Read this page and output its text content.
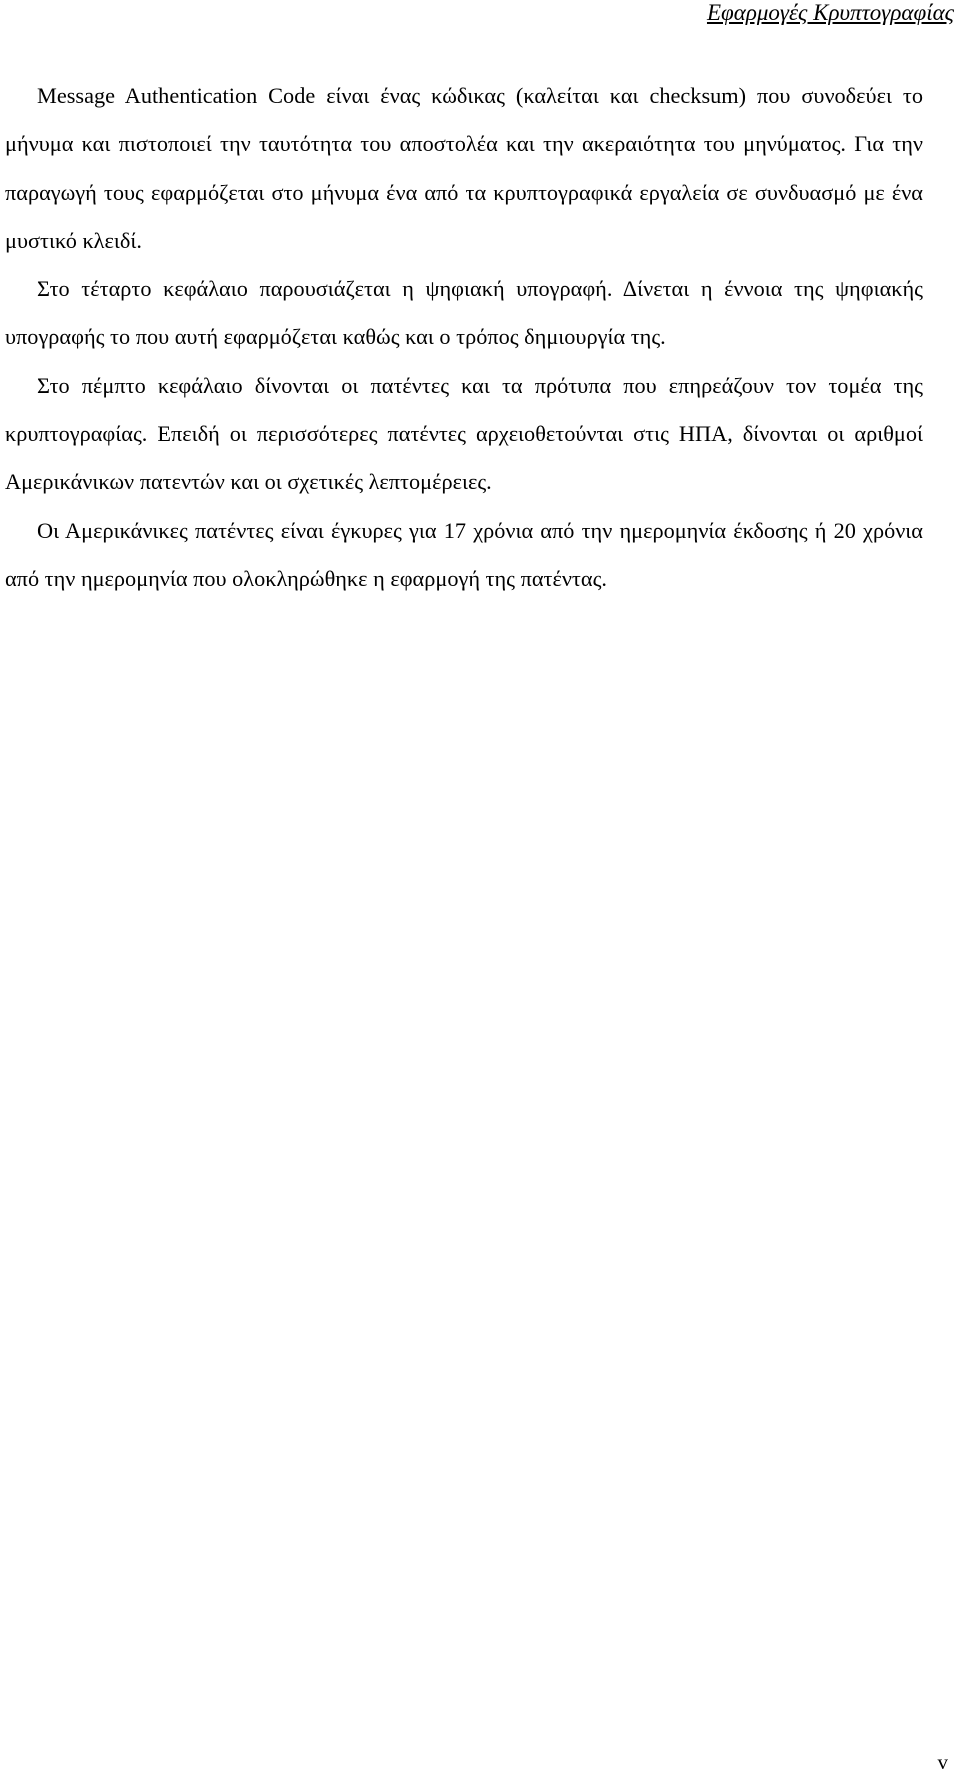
Εφαρμογές Κρυπτογραφίας

Message Authentication Code είναι ένας κώδικας (καλείται και checksum) που συνοδεύει το μήνυμα και πιστοποιεί την ταυτότητα του αποστολέα και την ακεραιότητα του μηνύματος. Για την παραγωγή τους εφαρμόζεται στο μήνυμα ένα από τα κρυπτογραφικά εργαλεία σε συνδυασμό με ένα μυστικό κλειδί.

Στο τέταρτο κεφάλαιο παρουσιάζεται η ψηφιακή υπογραφή. Δίνεται η έννοια της ψηφιακής υπογραφής το που αυτή εφαρμόζεται καθώς και ο τρόπος δημιουργία της.

Στο πέμπτο κεφάλαιο δίνονται οι πατέντες και τα πρότυπα που επηρεάζουν τον τομέα της κρυπτογραφίας. Επειδή οι περισσότερες πατέντες αρχειοθετούνται στις ΗΠΑ, δίνονται οι αριθμοί Αμερικάνικων πατεντών και οι σχετικές λεπτομέρειες.

Οι Αμερικάνικες πατέντες είναι έγκυρες για 17 χρόνια από την ημερομηνία έκδοσης ή 20 χρόνια από την ημερομηνία που ολοκληρώθηκε η εφαρμογή της πατέντας.

v
